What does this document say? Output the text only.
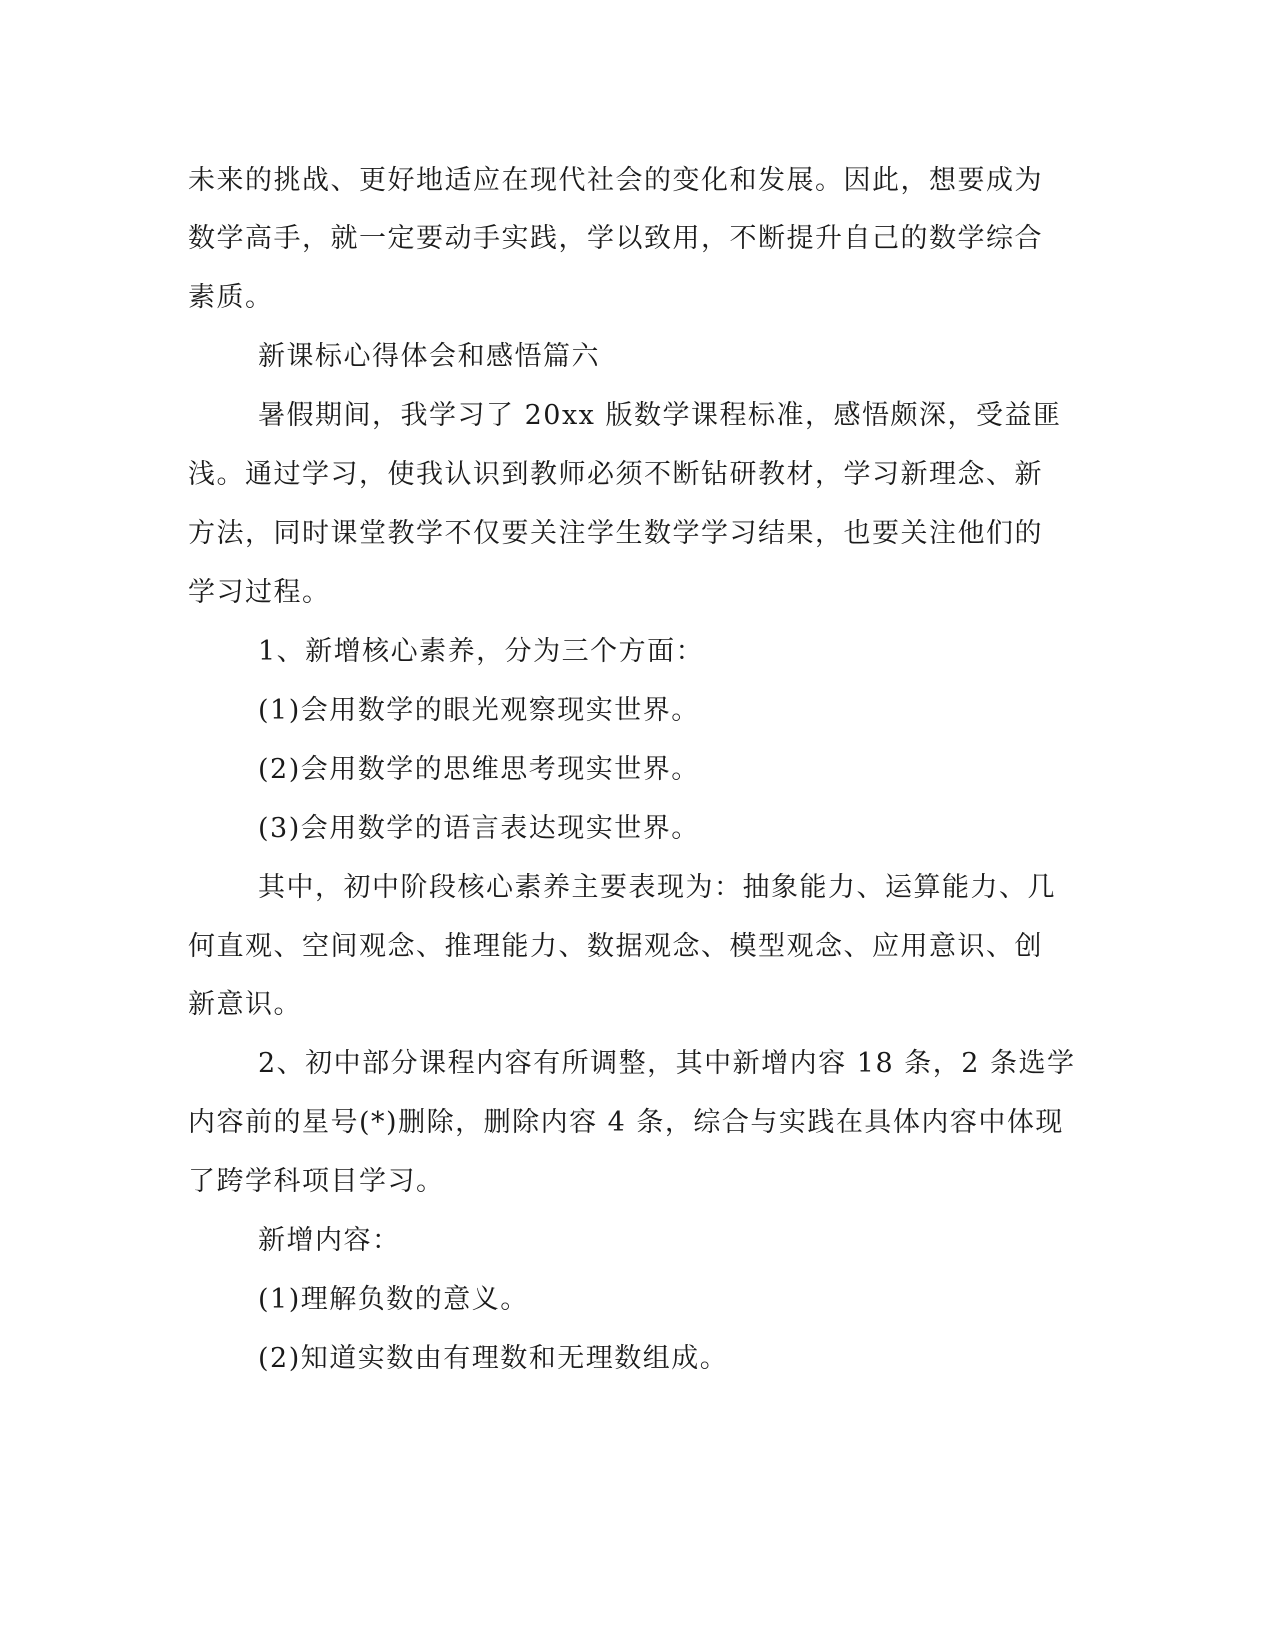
未来的挑战、更好地适应在现代社会的变化和发展。因此，想要成为

数学高手，就一定要动手实践，学以致用，不断提升自己的数学综合

素质。

新课标心得体会和感悟篇六

暑假期间，我学习了 20xx 版数学课程标准，感悟颇深，受益匪

浅。通过学习，使我认识到教师必须不断钻研教材，学习新理念、新

方法，同时课堂教学不仅要关注学生数学学习结果，也要关注他们的

学习过程。

1、新增核心素养，分为三个方面：

(1)会用数学的眼光观察现实世界。

(2)会用数学的思维思考现实世界。

(3)会用数学的语言表达现实世界。

其中，初中阶段核心素养主要表现为：抽象能力、运算能力、几

何直观、空间观念、推理能力、数据观念、模型观念、应用意识、创

新意识。

2、初中部分课程内容有所调整，其中新增内容 18 条，2 条选学

内容前的星号(*)删除，删除内容 4 条，综合与实践在具体内容中体现

了跨学科项目学习。

新增内容：

(1)理解负数的意义。

(2)知道实数由有理数和无理数组成。
